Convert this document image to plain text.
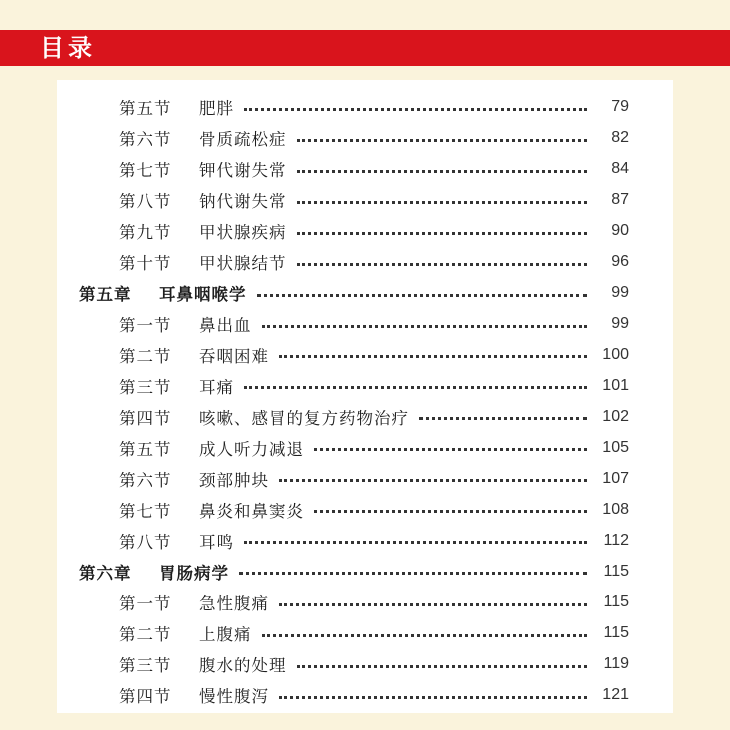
目录
第五节	肥胖	79
第六节	骨质疏松症	82
第七节	钾代谢失常	84
第八节	钠代谢失常	87
第九节	甲状腺疾病	90
第十节	甲状腺结节	96
第五章	耳鼻咽喉学	99
第一节	鼻出血	99
第二节	吞咽困难	100
第三节	耳痛	101
第四节	咳嗽、感冒的复方药物治疗	102
第五节	成人听力减退	105
第六节	颈部肿块	107
第七节	鼻炎和鼻窦炎	108
第八节	耳鸣	112
第六章	胃肠病学	115
第一节	急性腹痛	115
第二节	上腹痛	115
第三节	腹水的处理	119
第四节	慢性腹泻	121
